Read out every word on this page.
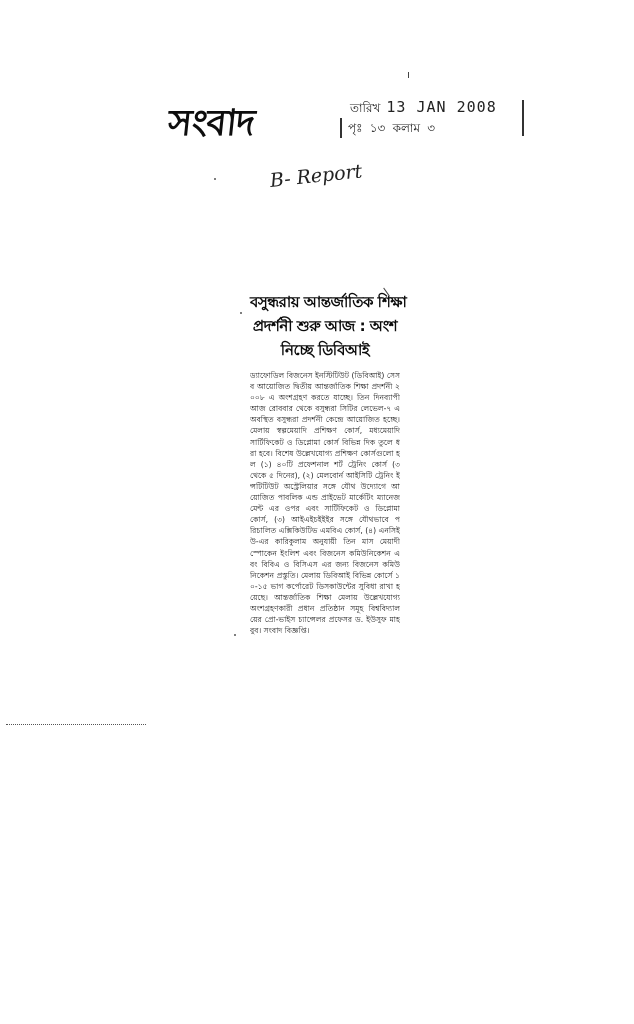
সংবাদ	তারিখ 13 JAN 2008
পৃঃ ১৩ কলাম ৩
B- Report
বসুন্ধরায় আন্তর্জাতিক শিক্ষা
প্রদর্শনী শুরু আজ : অংশ
নিচ্ছে ডিবিআই
ড্যাফোডিল বিজনেস ইনস্টিটিউট (ডিবিআই) সেসব আয়োজিত দ্বিতীয় আন্তর্জাতিক শিক্ষা প্রদর্শনী ২০০৮ এ অংশগ্রহণ করতে যাচ্ছে। তিন দিনব্যাপী আজ রোববার থেকে বসুন্ধরা সিটির লেভেল-৭ এ অবস্থিত বসুন্ধরা প্রদর্শনী কেন্দ্রে আয়োজিত হচ্ছে। মেলায় স্বল্পমেয়াদি প্রশিক্ষণ কোর্স, মধ্যমেয়াদি সার্টিফিকেট ও ডিপ্লোমা কোর্স বিভিন্ন দিক তুলে ধরা হবে। বিশেষ উল্লেখযোগ্য প্রশিক্ষণ কোর্সগুলো হল (১) ৪০টি প্রফেশনাল শর্ট ট্রেনিং কোর্স (৩ থেকে ৫ দিনের), (২) মেলবোর্ন আইসিটি ট্রেনিং ইন্সটিটিউট অস্ট্রেলিয়ার সঙ্গে যৌথ উদ্যোগে আয়োজিত পাবলিক এন্ড প্রাইভেট মার্কেটিং ম্যানেজমেন্ট এর ওপর এবং সার্টিফিকেট ও ডিপ্লোমা কোর্স, (৩) আইএইচইইইর সঙ্গে যৌথভাবে পরিচালিত এক্সিকিউটিভ এমবিএ কোর্স, (৪) এনসিইউ-এর কারিকুলাম অনুযায়ী তিন মাস মেয়াদী স্পোকেন ইংলিশ এবং বিজনেস কমিউনিকেশন এবং বিবিএ ও বিসিএস এর জন্য বিজনেস কমিউনিকেশন প্রস্তুতি। মেলায় ডিবিআই বিভিন্ন কোর্সে ১০-১৫ ভাগ কর্পোরেট ডিসকাউন্টের সুবিধা রাখা হয়েছে। আন্তর্জাতিক শিক্ষা মেলায় উল্লেখযোগ্য অংশগ্রহণকারী প্রধান প্রতিষ্ঠান সমূহ বিশ্ববিদ্যালয়ের প্রো-ভাইস চ্যান্সেলর প্রফেসর ড. ইউসুফ মাহবুব। সংবাদ বিজ্ঞপ্তি।
